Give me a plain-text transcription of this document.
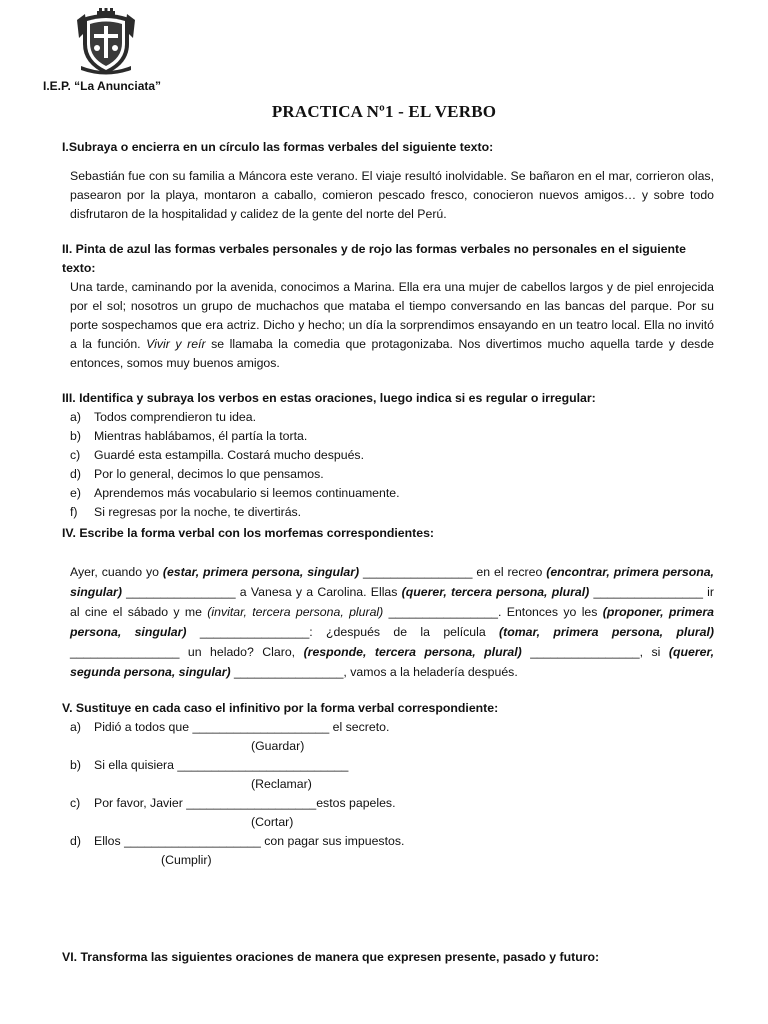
I.E.P. “La Anunciata”
PRACTICA Nº1 - EL VERBO

I.Subraya o encierra en un círculo las formas verbales del siguiente texto:

Sebastián fue con su familia a Máncora este verano. El viaje resultó inolvidable. Se bañaron en el mar, corrieron olas, pasearon por la playa, montaron a caballo, comieron pescado fresco, conocieron nuevos amigos… y sobre todo disfrutaron de la hospitalidad y calidez de la gente del norte del Perú.

II. Pinta de azul las formas verbales personales y de rojo las formas verbales no personales en el siguiente texto:

Una tarde, caminando por la avenida, conocimos a Marina. Ella era una mujer de cabellos largos y de piel enrojecida por el sol; nosotros un grupo de muchachos que mataba el tiempo conversando en las bancas del parque. Por su porte sospechamos que era actriz. Dicho y hecho; un día la sorprendimos ensayando en un teatro local. Ella no invitó a la función. Vivir y reír se llamaba la comedia que protagonizaba. Nos divertimos mucho aquella tarde y desde entonces, somos muy buenos amigos.

III. Identifica y subraya los verbos en estas oraciones, luego indica si es regular o irregular:

a)	Todos comprendieron tu idea.
b)	Mientras hablábamos, él partía la torta.
c)	Guardé esta estampilla. Costará mucho después.
d)	Por lo general, decimos lo que pensamos.
e)	Aprendemos más vocabulario si leemos continuamente.
f)	Si regresas por la noche, te divertirás.

IV. Escribe la forma verbal con los morfemas correspondientes:

Ayer, cuando yo (estar, primera persona, singular) ________________ en el recreo (encontrar, primera persona, singular) ________________ a Vanesa y a Carolina. Ellas (querer, tercera persona, plural) ________________ ir al cine el sábado y me (invitar, tercera persona, plural) ________________. Entonces yo les (proponer, primera persona, singular) ________________: ¿después de la película (tomar, primera persona, plural) ________________ un helado? Claro, (responde, tercera persona, plural) ________________, si (querer, segunda persona, singular) ________________, vamos a la heladería después.

V. Sustituye en cada caso el infinitivo por la forma verbal correspondiente:

a)	Pidió a todos que ____________________ el secreto.
(Guardar)
b)	Si ella quisiera _________________________
(Reclamar)
c)	Por favor, Javier ___________________estos papeles.
(Cortar)
d)	Ellos ____________________ con pagar sus impuestos.
(Cumplir)

VI. Transforma las siguientes oraciones de manera que expresen presente, pasado y futuro:
